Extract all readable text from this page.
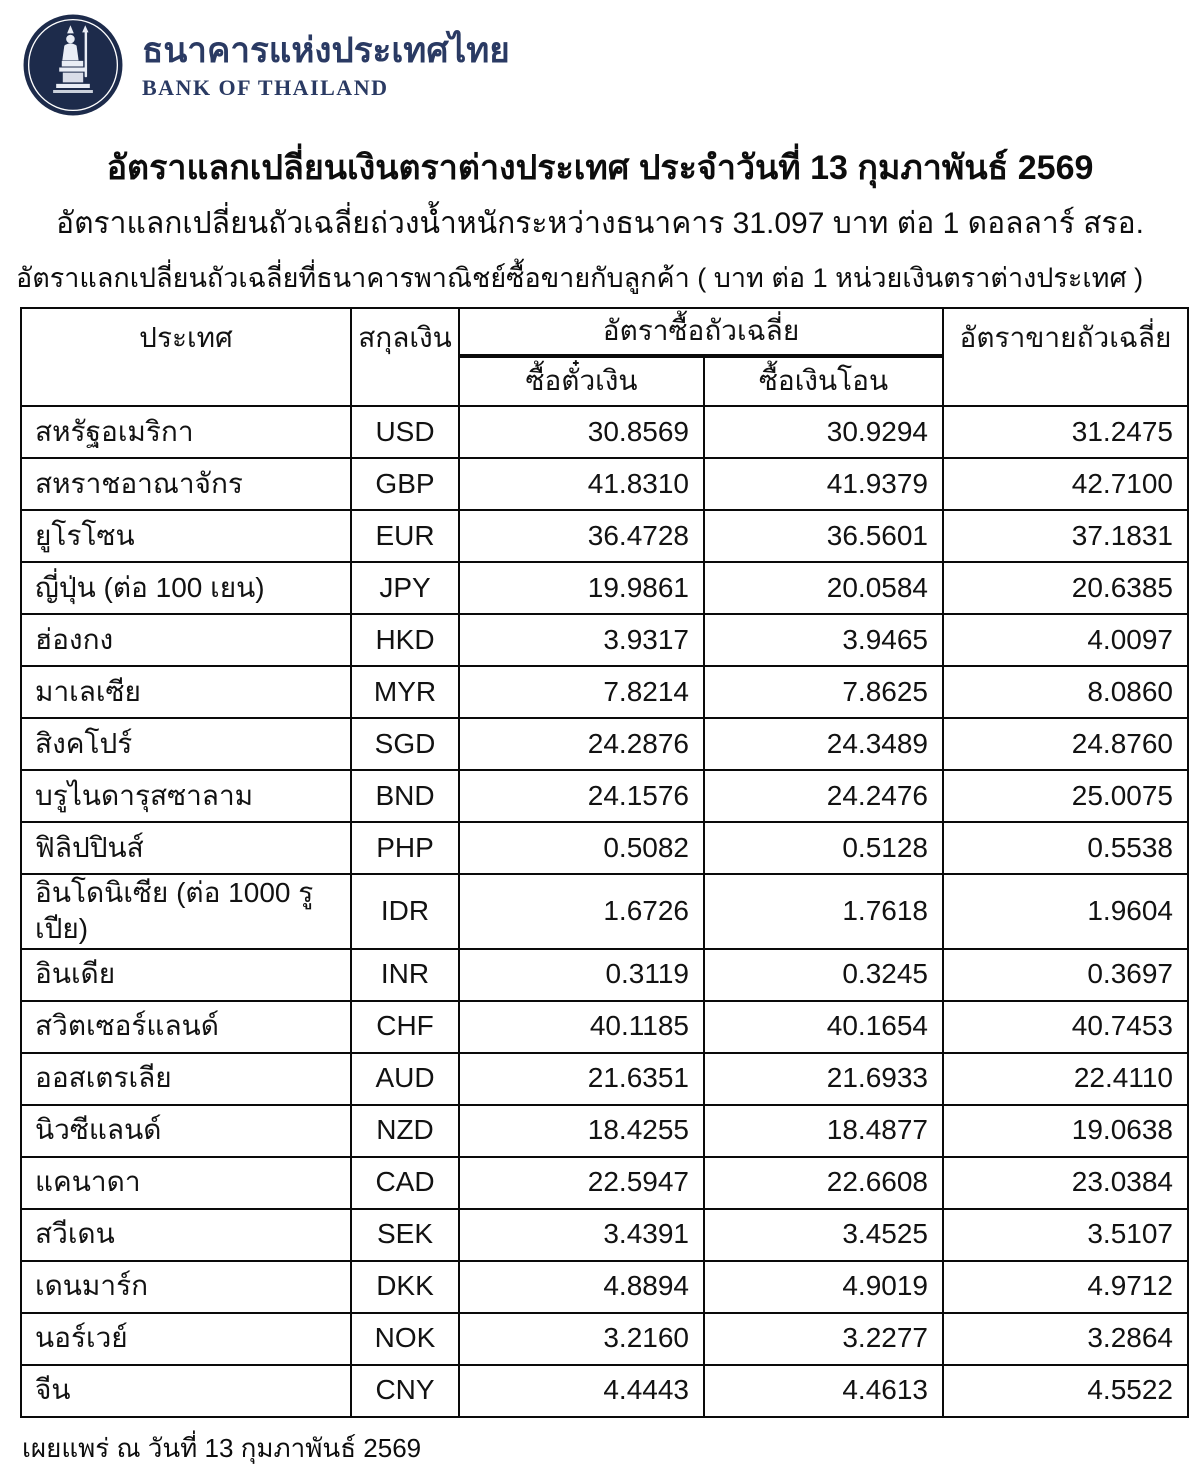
ธนาคารแห่งประเทศไทย
BANK OF THAILAND
อัตราแลกเปลี่ยนเงินตราต่างประเทศ ประจำวันที่ 13 กุมภาพันธ์ 2569
อัตราแลกเปลี่ยนถัวเฉลี่ยถ่วงน้ำหนักระหว่างธนาคาร 31.097 บาท ต่อ 1 ดอลลาร์ สรอ.
อัตราแลกเปลี่ยนถัวเฉลี่ยที่ธนาคารพาณิชย์ซื้อขายกับลูกค้า ( บาท ต่อ 1 หน่วยเงินตราต่างประเทศ )
ประเทศ	สกุลเงิน	อัตราซื้อถัวเฉลี่ย		อัตราขายถัวเฉลี่ย
		ซื้อตั๋วเงิน	ซื้อเงินโอน	
สหรัฐอเมริกา	USD	30.8569	30.9294	31.2475
สหราชอาณาจักร	GBP	41.8310	41.9379	42.7100
ยูโรโซน	EUR	36.4728	36.5601	37.1831
ญี่ปุ่น (ต่อ 100 เยน)	JPY	19.9861	20.0584	20.6385
ฮ่องกง	HKD	3.9317	3.9465	4.0097
มาเลเซีย	MYR	7.8214	7.8625	8.0860
สิงคโปร์	SGD	24.2876	24.3489	24.8760
บรูไนดารุสซาลาม	BND	24.1576	24.2476	25.0075
ฟิลิปปินส์	PHP	0.5082	0.5128	0.5538
อินโดนิเซีย (ต่อ 1000 รูเปีย)	IDR	1.6726	1.7618	1.9604
อินเดีย	INR	0.3119	0.3245	0.3697
สวิตเซอร์แลนด์	CHF	40.1185	40.1654	40.7453
ออสเตรเลีย	AUD	21.6351	21.6933	22.4110
นิวซีแลนด์	NZD	18.4255	18.4877	19.0638
แคนาดา	CAD	22.5947	22.6608	23.0384
สวีเดน	SEK	3.4391	3.4525	3.5107
เดนมาร์ก	DKK	4.8894	4.9019	4.9712
นอร์เวย์	NOK	3.2160	3.2277	3.2864
จีน	CNY	4.4443	4.4613	4.5522
เผยแพร่ ณ วันที่ 13 กุมภาพันธ์ 2569
